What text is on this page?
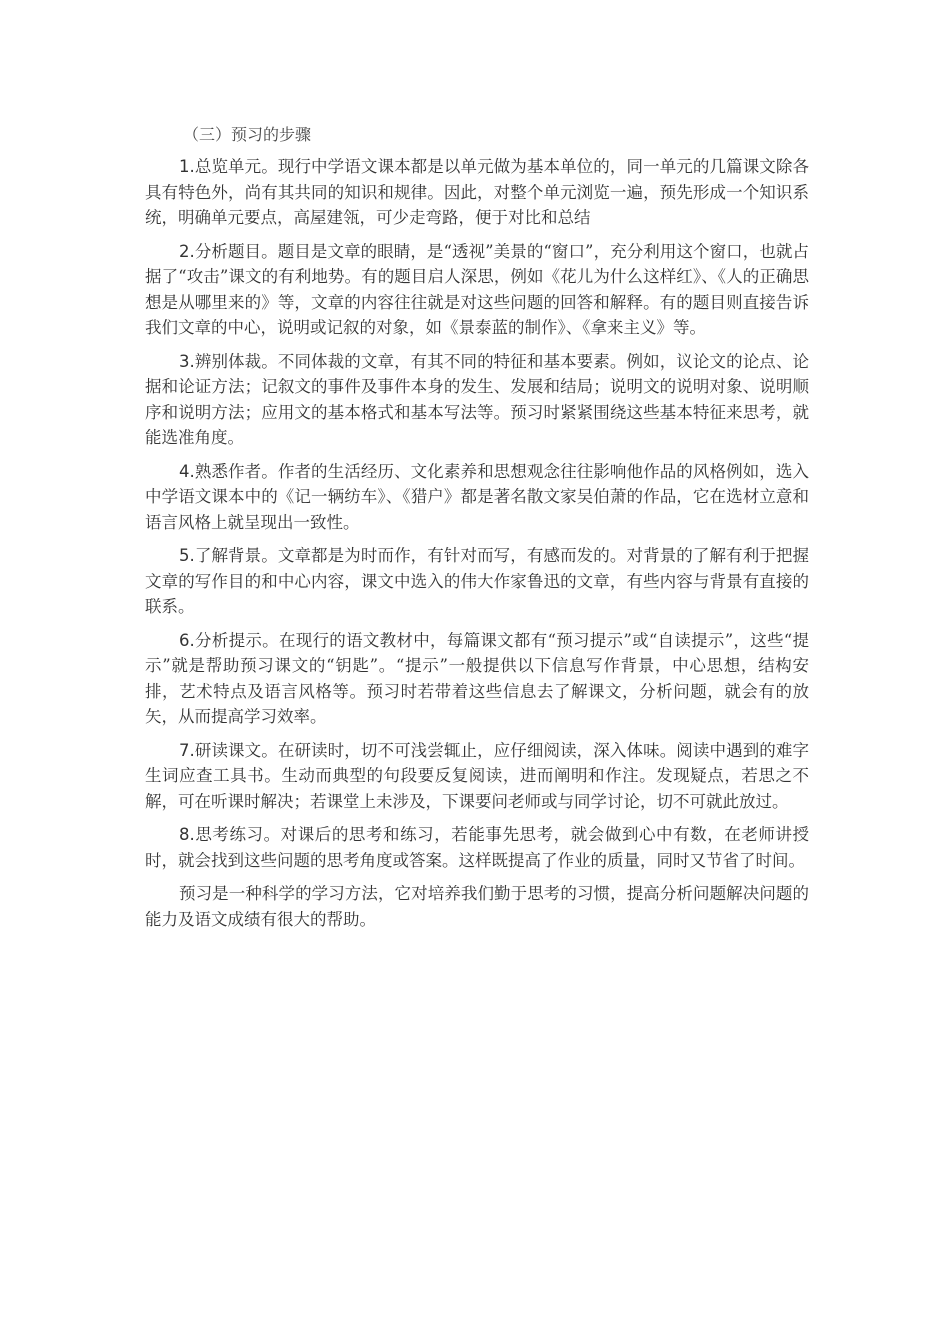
（三）预习的步骤

1.总览单元。现行中学语文课本都是以单元做为基本单位的，同一单元的几篇课文除各具有特色外，尚有其共同的知识和规律。因此，对整个单元浏览一遍，预先形成一个知识系统，明确单元要点，高屋建瓴，可少走弯路，便于对比和总结

2.分析题目。题目是文章的眼睛，是“透视”美景的“窗口”，充分利用这个窗口，也就占据了“攻击”课文的有利地势。有的题目启人深思，例如《花儿为什么这样红》、《人的正确思想是从哪里来的》等，文章的内容往往就是对这些问题的回答和解释。有的题目则直接告诉我们文章的中心，说明或记叙的对象，如《景泰蓝的制作》、《拿来主义》等。

3.辨别体裁。不同体裁的文章，有其不同的特征和基本要素。例如，议论文的论点、论据和论证方法；记叙文的事件及事件本身的发生、发展和结局；说明文的说明对象、说明顺序和说明方法；应用文的基本格式和基本写法等。预习时紧紧围绕这些基本特征来思考，就能选准角度。

4.熟悉作者。作者的生活经历、文化素养和思想观念往往影响他作品的风格例如，选入中学语文课本中的《记一辆纺车》、《猎户》都是著名散文家吴伯萧的作品，它在选材立意和语言风格上就呈现出一致性。

5.了解背景。文章都是为时而作，有针对而写，有感而发的。对背景的了解有利于把握文章的写作目的和中心内容，课文中选入的伟大作家鲁迅的文章，有些内容与背景有直接的联系。

6.分析提示。在现行的语文教材中，每篇课文都有“预习提示”或“自读提示”，这些“提示”就是帮助预习课文的“钥匙”。“提示”一般提供以下信息写作背景，中心思想，结构安排，艺术特点及语言风格等。预习时若带着这些信息去了解课文，分析问题，就会有的放矢，从而提高学习效率。

7.研读课文。在研读时，切不可浅尝辄止，应仔细阅读，深入体味。阅读中遇到的难字生词应查工具书。生动而典型的句段要反复阅读，进而阐明和作注。发现疑点，若思之不解，可在听课时解决；若课堂上未涉及，下课要问老师或与同学讨论，切不可就此放过。

8.思考练习。对课后的思考和练习，若能事先思考，就会做到心中有数，在老师讲授时，就会找到这些问题的思考角度或答案。这样既提高了作业的质量，同时又节省了时间。

预习是一种科学的学习方法，它对培养我们勤于思考的习惯，提高分析问题解决问题的能力及语文成绩有很大的帮助。
